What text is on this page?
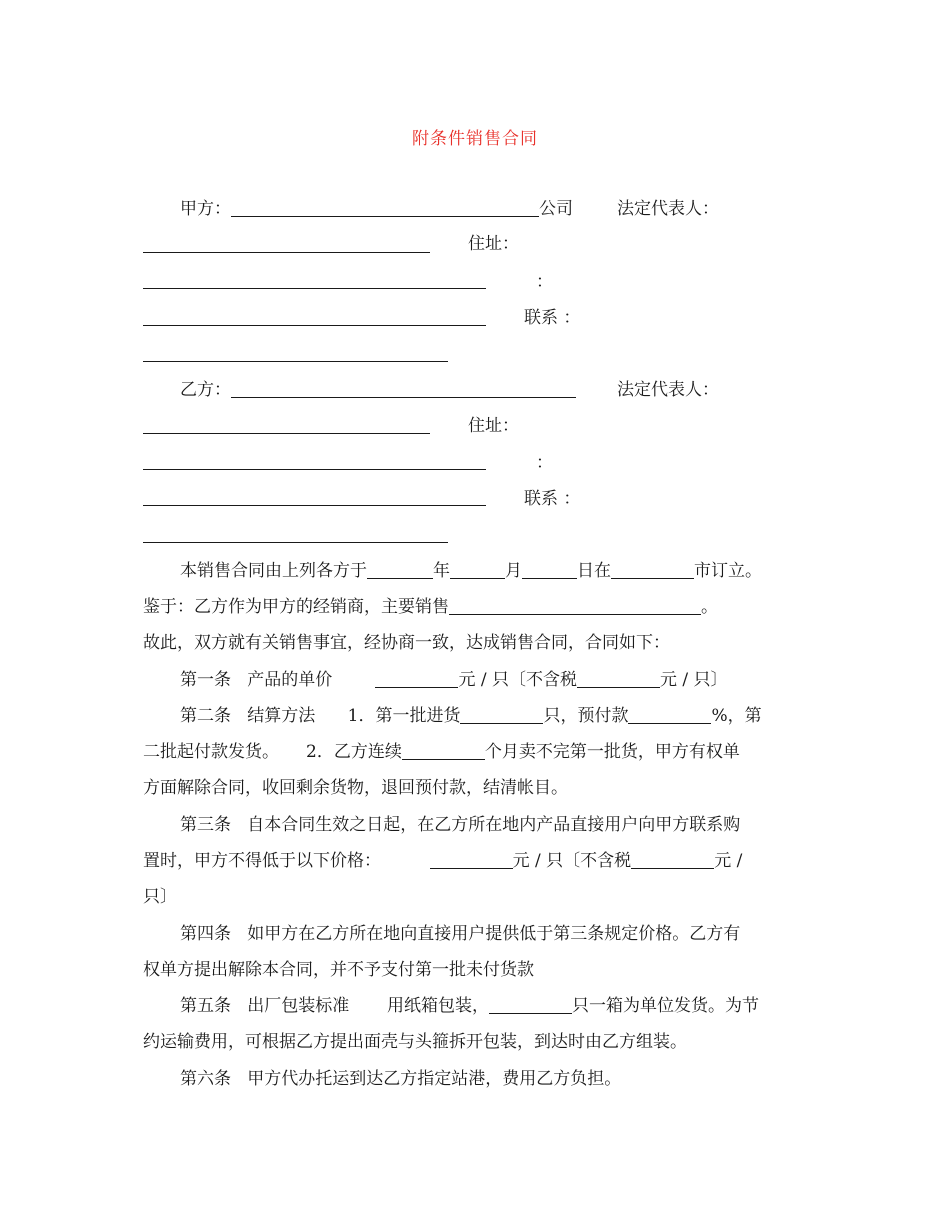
附条件销售合同
甲方：	公司	法定代表人：
住址：
：
联系 ：
乙方：	法定代表人：
住址：
：
联系 ：
本销售合同由上列各方于	年	月	日在	市订立。
鉴于：乙方作为甲方的经销商，主要销售	。
故此，双方就有关销售事宜，经协商一致，达成销售合同，合同如下：
第一条 产品的单价	元 / 只〔不含税	元 / 只〕
第二条 结算方法 1．第一批进货	只，预付款	%，第
二批起付款发货。 2．乙方连续	个月卖不完第一批货，甲方有权单
方面解除合同，收回剩余货物，退回预付款，结清帐目。
第三条 自本合同生效之日起，在乙方所在地内产品直接用户向甲方联系购
置时，甲方不得低于以下价格：	元 / 只〔不含税	元 /
只〕
第四条 如甲方在乙方所在地向直接用户提供低于第三条规定价格。乙方有
权单方提出解除本合同，并不予支付第一批未付货款
第五条 出厂包装标准 用纸箱包装，	只一箱为单位发货。为节
约运输费用，可根据乙方提出面壳与头箍拆开包装，到达时由乙方组装。
第六条 甲方代办托运到达乙方指定站港，费用乙方负担。
